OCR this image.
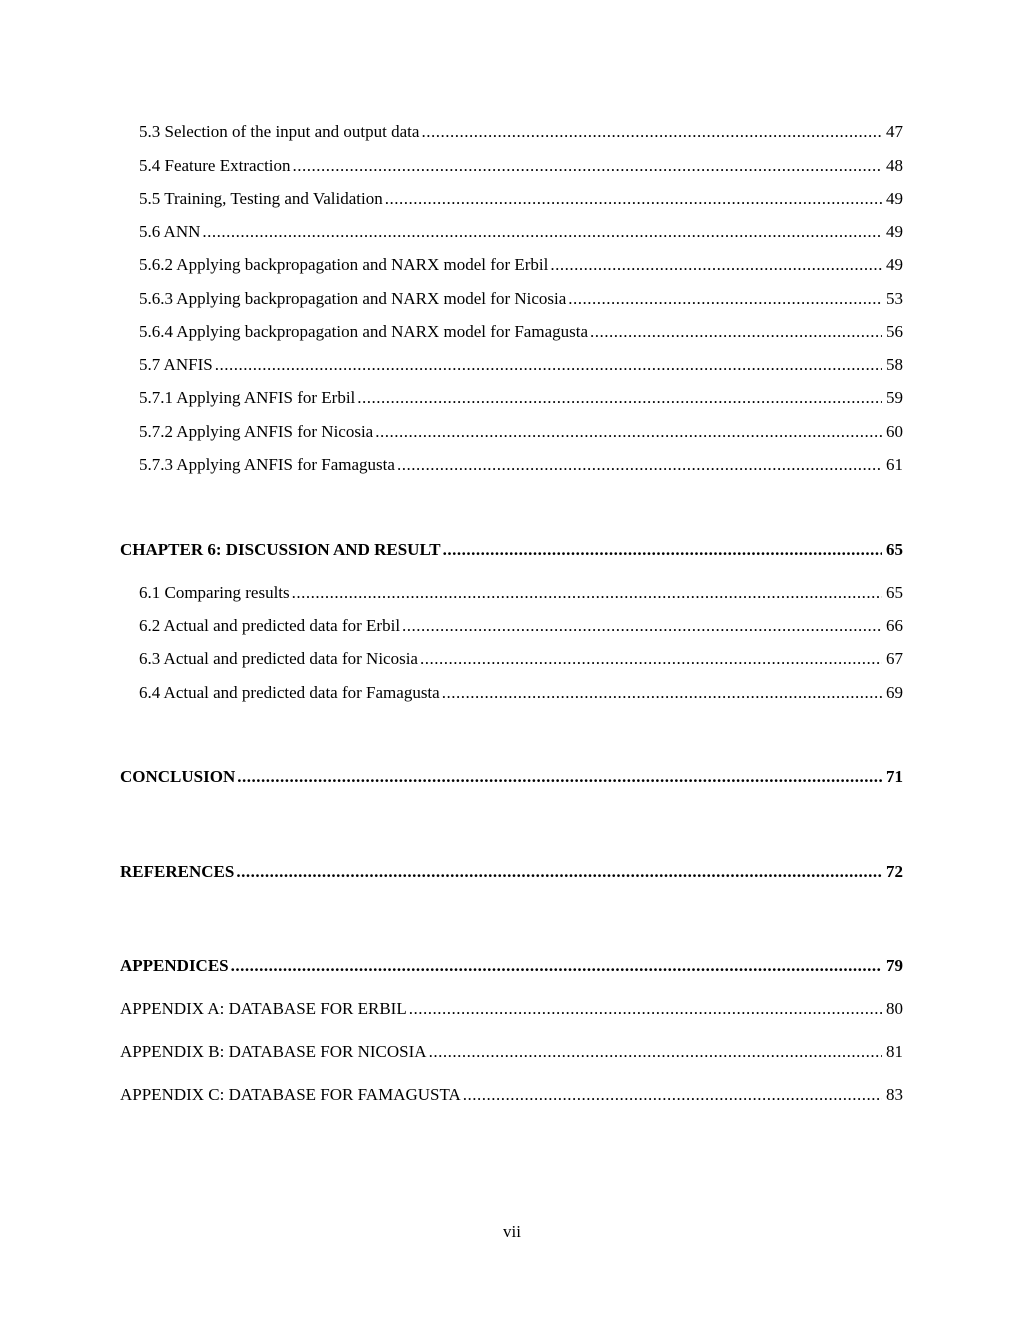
5.3 Selection of the input and output data .....	47
5.4 Feature Extraction .....	48
5.5 Training, Testing and Validation .....	49
5.6 ANN .....	49
5.6.2 Applying backpropagation and NARX model for Erbil .....	49
5.6.3 Applying backpropagation and NARX model for Nicosia .....	53
5.6.4 Applying backpropagation and NARX model for Famagusta .....	56
5.7 ANFIS .....	58
5.7.1 Applying ANFIS for Erbil .....	59
5.7.2 Applying ANFIS for Nicosia .....	60
5.7.3 Applying ANFIS for Famagusta .....	61
CHAPTER 6: DISCUSSION AND RESULT .....	65
6.1 Comparing results .....	65
6.2 Actual and predicted data for Erbil .....	66
6.3 Actual and predicted data for Nicosia .....	67
6.4 Actual and predicted data for Famagusta .....	69
CONCLUSION .....	71
REFERENCES .....	72
APPENDICES .....	79
APPENDIX A: DATABASE FOR ERBIL .....	80
APPENDIX B: DATABASE FOR NICOSIA .....	81
APPENDIX C: DATABASE FOR FAMAGUSTA .....	83
vii
